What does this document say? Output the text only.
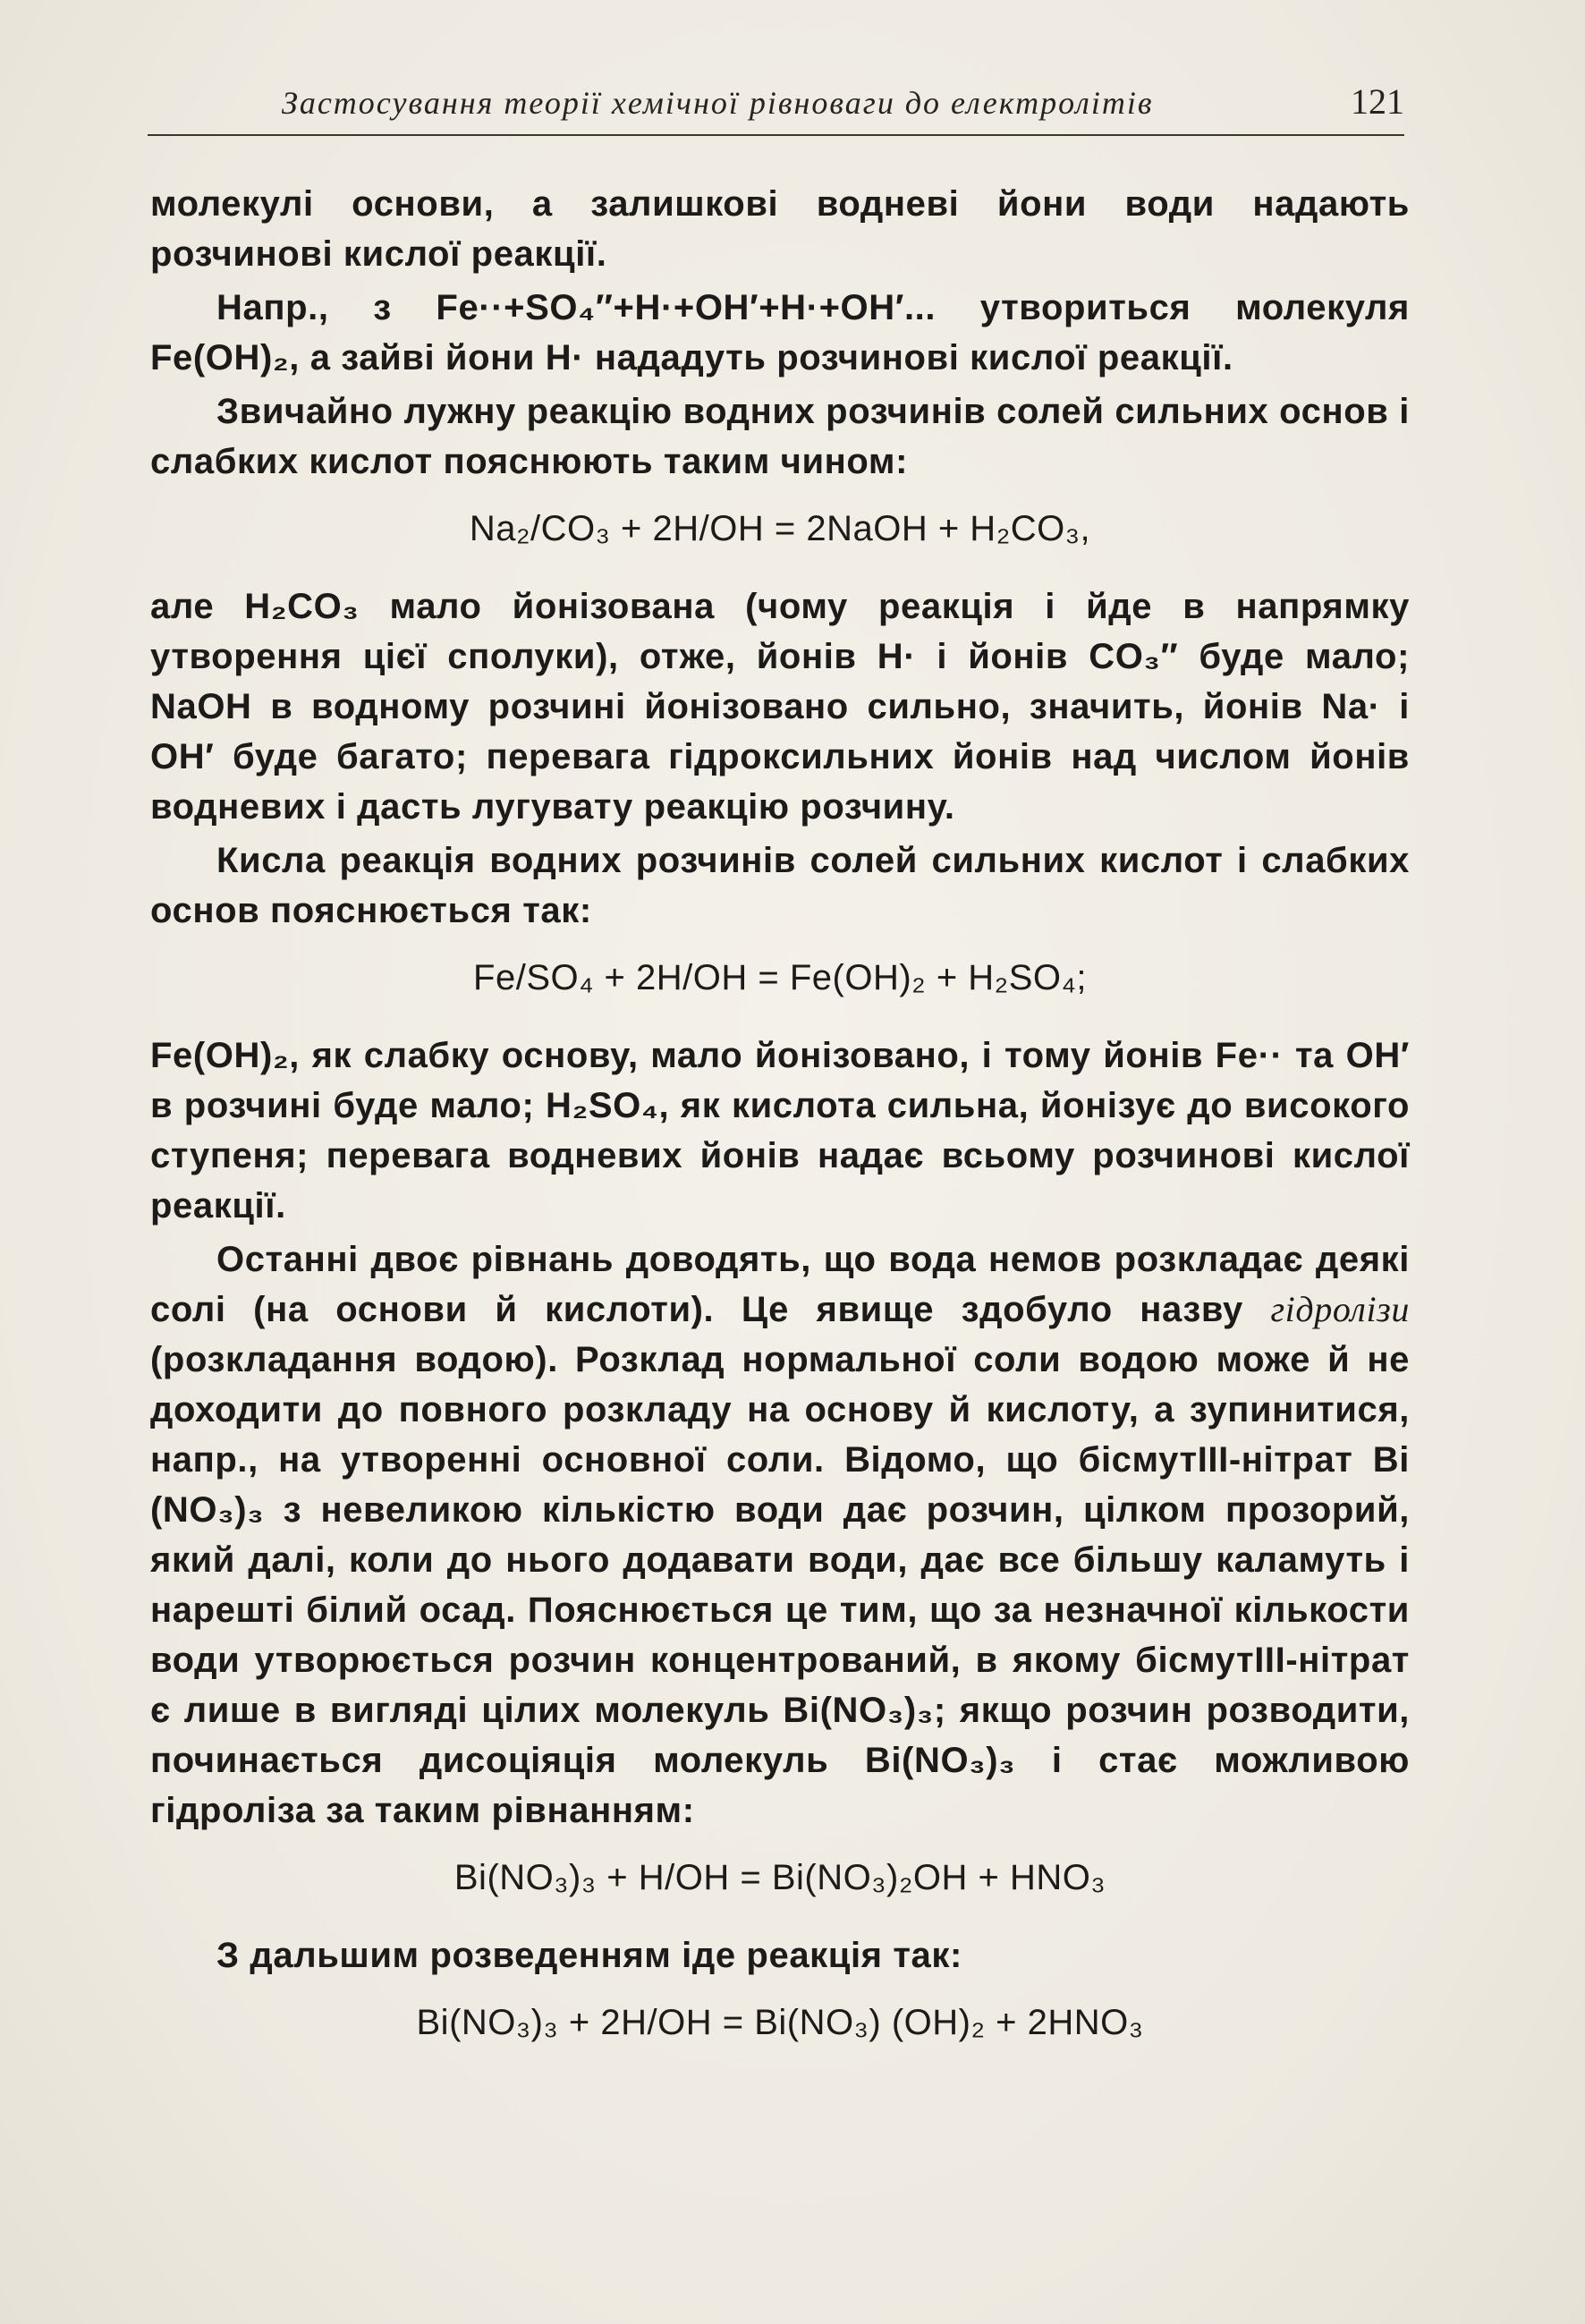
Застосування теорії хемічної рівноваги до електролітів	121

молекулі основи, а залишкові водневі йони води надають розчинові кислої реакції.

Напр., з Fe··+SO₄″+H·+OH′+H·+OH′... утвориться молекуля Fe(OH)₂, а зайві йони H· нададуть розчинові кислої реакції.

Звичайно лужну реакцію водних розчинів солей сильних основ і слабких кислот пояснюють таким чином:

Na₂/CO₃ + 2H/OH = 2NaOH + H₂CO₃,

але H₂CO₃ мало йонізована (чому реакція і йде в напрямку утворення цієї сполуки), отже, йонів H· і йонів CO₃″ буде мало; NaOH в водному розчині йонізовано сильно, значить, йонів Na· і OH′ буде багато; перевага гідроксильних йонів над числом йонів водневих і дасть лугувату реакцію розчину.

Кисла реакція водних розчинів солей сильних кислот і слабких основ пояснюється так:

Fe/SO₄ + 2H/OH = Fe(OH)₂ + H₂SO₄;

Fe(OH)₂, як слабку основу, мало йонізовано, і тому йонів Fe·· та OH′ в розчині буде мало; H₂SO₄, як кислота сильна, йонізує до високого ступеня; перевага водневих йонів надає всьому розчинові кислої реакції.

Останні двоє рівнань доводять, що вода немов розкладає деякі солі (на основи й кислоти). Це явище здобуло назву гідролізи (розкладання водою). Розклад нормальної соли водою може й не доходити до повного розкладу на основу й кислоту, а зупинитися, напр., на утворенні основної соли. Відомо, що бісмутIII-нітрат Bi (NO₃)₃ з невеликою кількістю води дає розчин, цілком прозорий, який далі, коли до нього додавати води, дає все більшу каламуть і нарешті білий осад. Пояснюється це тим, що за незначної кількости води утворюється розчин концентрований, в якому бісмутIII-нітрат є лише в вигляді цілих молекуль Bi(NO₃)₃; якщо розчин розводити, починається дисоціяція молекуль Bi(NO₃)₃ і стає можливою гідроліза за таким рівнанням:

Bi(NO₃)₃ + H/OH = Bi(NO₃)₂OH + HNO₃

З дальшим розведенням іде реакція так:

Bi(NO₃)₃ + 2H/OH = Bi(NO₃) (OH)₂ + 2HNO₃
